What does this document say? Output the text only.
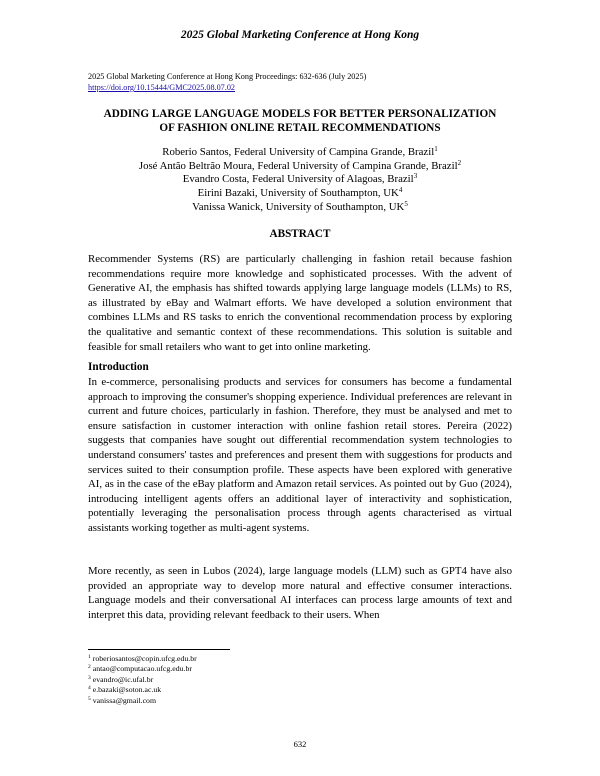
2025 Global Marketing Conference at Hong Kong
2025 Global Marketing Conference at Hong Kong Proceedings: 632-636 (July 2025)
https://doi.org/10.15444/GMC2025.08.07.02
ADDING LARGE LANGUAGE MODELS FOR BETTER PERSONALIZATION
OF FASHION ONLINE RETAIL RECOMMENDATIONS
Roberio Santos, Federal University of Campina Grande, Brazil$^1$
José Antão Beltrão Moura, Federal University of Campina Grande, Brazil$^2$
Evandro Costa, Federal University of Alagoas, Brazil$^3$
Eirini Bazaki, University of Southampton, $UK^4$
Vanissa Wanick, University of Southampton, $UK^5$
ABSTRACT
Recommender Systems (RS) are particularly challenging in fashion retail because fashion recommendations require more knowledge and sophisticated processes. With the advent of Generative AI, the emphasis has shifted towards applying large language models (LLMs) to RS, as illustrated by eBay and Walmart efforts. We have developed a solution environment that combines LLMs and RS tasks to enrich the conventional recommendation process by exploring the qualitative and semantic context of these recommendations. This solution is suitable and feasible for small retailers who want to get into online marketing.
Introduction
In e-commerce, personalising products and services for consumers has become a fundamental approach to improving the consumer's shopping experience. Individual preferences are relevant in current and future choices, particularly in fashion. Therefore, they must be analysed and met to ensure satisfaction in customer interaction with online fashion retail stores. Pereira (2022) suggests that companies have sought out differential recommendation system technologies to understand consumers' tastes and preferences and present them with suggestions for products and services suited to their consumption profile. These aspects have been explored with generative AI, as in the case of the eBay platform and Amazon retail services. As pointed out by Guo (2024), introducing intelligent agents offers an additional layer of interactivity and sophistication, potentially leveraging the personalisation process through agents characterised as virtual assistants working together as multi-agent systems.
More recently, as seen in Lubos (2024), large language models (LLM) such as GPT4 have also provided an appropriate way to develop more natural and effective consumer interactions. Language models and their conversational AI interfaces can process large amounts of text and interpret this data, providing relevant feedback to their users. When
$^1$ roberiosantos@copin.ufcg.edu.br
$^2$ antao@computacao.ufcg.edu.br
$^3$ evandro@ic.ufal.br
$^4$ e.bazaki@soton.ac.uk
$^5$ vanissa@gmail.com
632
